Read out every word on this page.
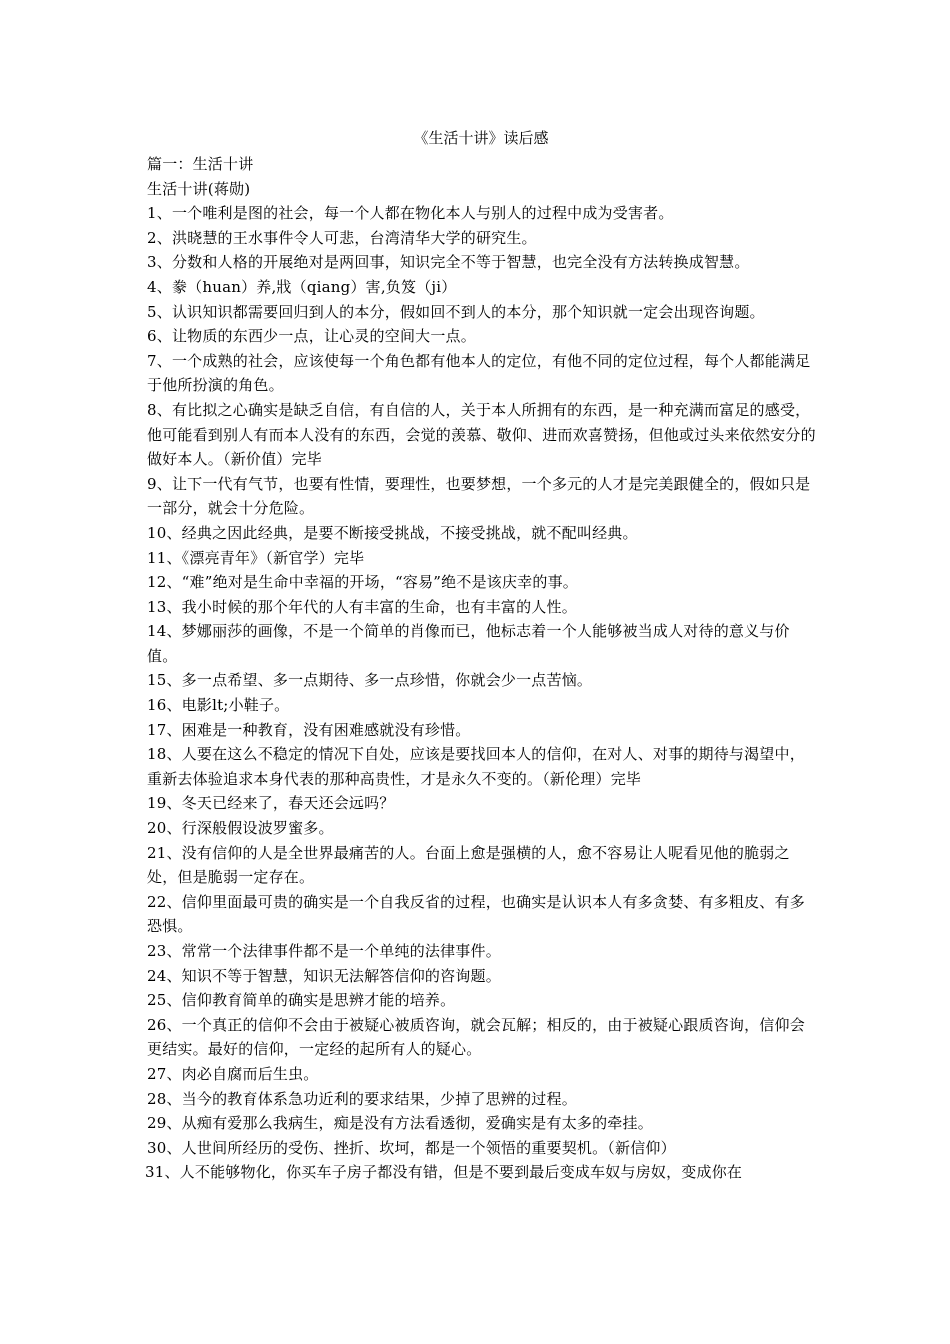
《生活十讲》读后感

篇一：生活十讲

生活十讲(蒋勋)

1、一个唯利是图的社会，每一个人都在物化本人与别人的过程中成为受害者。

2、洪晓慧的王水事件令人可悲，台湾清华大学的研究生。

3、分数和人格的开展绝对是两回事，知识完全不等于智慧，也完全没有方法转换成智慧。

4、豢（huan）养,戕（qiang）害,负笈（ji）

5、认识知识都需要回归到人的本分，假如回不到人的本分，那个知识就一定会出现咨询题。

6、让物质的东西少一点，让心灵的空间大一点。

7、一个成熟的社会，应该使每一个角色都有他本人的定位，有他不同的定位过程，每个人都能满足于他所扮演的角色。

8、有比拟之心确实是缺乏自信，有自信的人，关于本人所拥有的东西，是一种充满而富足的感受，他可能看到别人有而本人没有的东西，会觉的羡慕、敬仰、进而欢喜赞扬，但他或过头来依然安分的做好本人。（新价值）完毕

9、让下一代有气节，也要有性情，要理性，也要梦想，一个多元的人才是完美跟健全的，假如只是一部分，就会十分危险。

10、经典之因此经典，是要不断接受挑战，不接受挑战，就不配叫经典。

11、《漂亮青年》（新官学）完毕

12、“难”绝对是生命中幸福的开场，“容易”绝不是该庆幸的事。

13、我小时候的那个年代的人有丰富的生命，也有丰富的人性。

14、梦娜丽莎的画像，不是一个简单的肖像而已，他标志着一个人能够被当成人对待的意义与价值。

15、多一点希望、多一点期待、多一点珍惜，你就会少一点苦恼。

16、电影lt;小鞋子。

17、困难是一种教育，没有困难感就没有珍惜。

18、人要在这么不稳定的情况下自处，应该是要找回本人的信仰，在对人、对事的期待与渴望中，重新去体验追求本身代表的那种高贵性，才是永久不变的。（新伦理）完毕

19、冬天已经来了，春天还会远吗？

20、行深般假设波罗蜜多。

21、没有信仰的人是全世界最痛苦的人。台面上愈是强横的人，愈不容易让人呢看见他的脆弱之处，但是脆弱一定存在。

22、信仰里面最可贵的确实是一个自我反省的过程，也确实是认识本人有多贪婪、有多粗皮、有多恐惧。

23、常常一个法律事件都不是一个单纯的法律事件。

24、知识不等于智慧，知识无法解答信仰的咨询题。

25、信仰教育简单的确实是思辨才能的培养。

26、一个真正的信仰不会由于被疑心被质咨询，就会瓦解；相反的，由于被疑心跟质咨询，信仰会更结实。最好的信仰，一定经的起所有人的疑心。

27、肉必自腐而后生虫。

28、当今的教育体系急功近利的要求结果，少掉了思辨的过程。

29、从痴有爱那么我病生，痴是没有方法看透彻，爱确实是有太多的牵挂。

30、人世间所经历的受伤、挫折、坎坷，都是一个领悟的重要契机。（新信仰）

31、人不能够物化，你买车子房子都没有错，但是不要到最后变成车奴与房奴，变成你在
